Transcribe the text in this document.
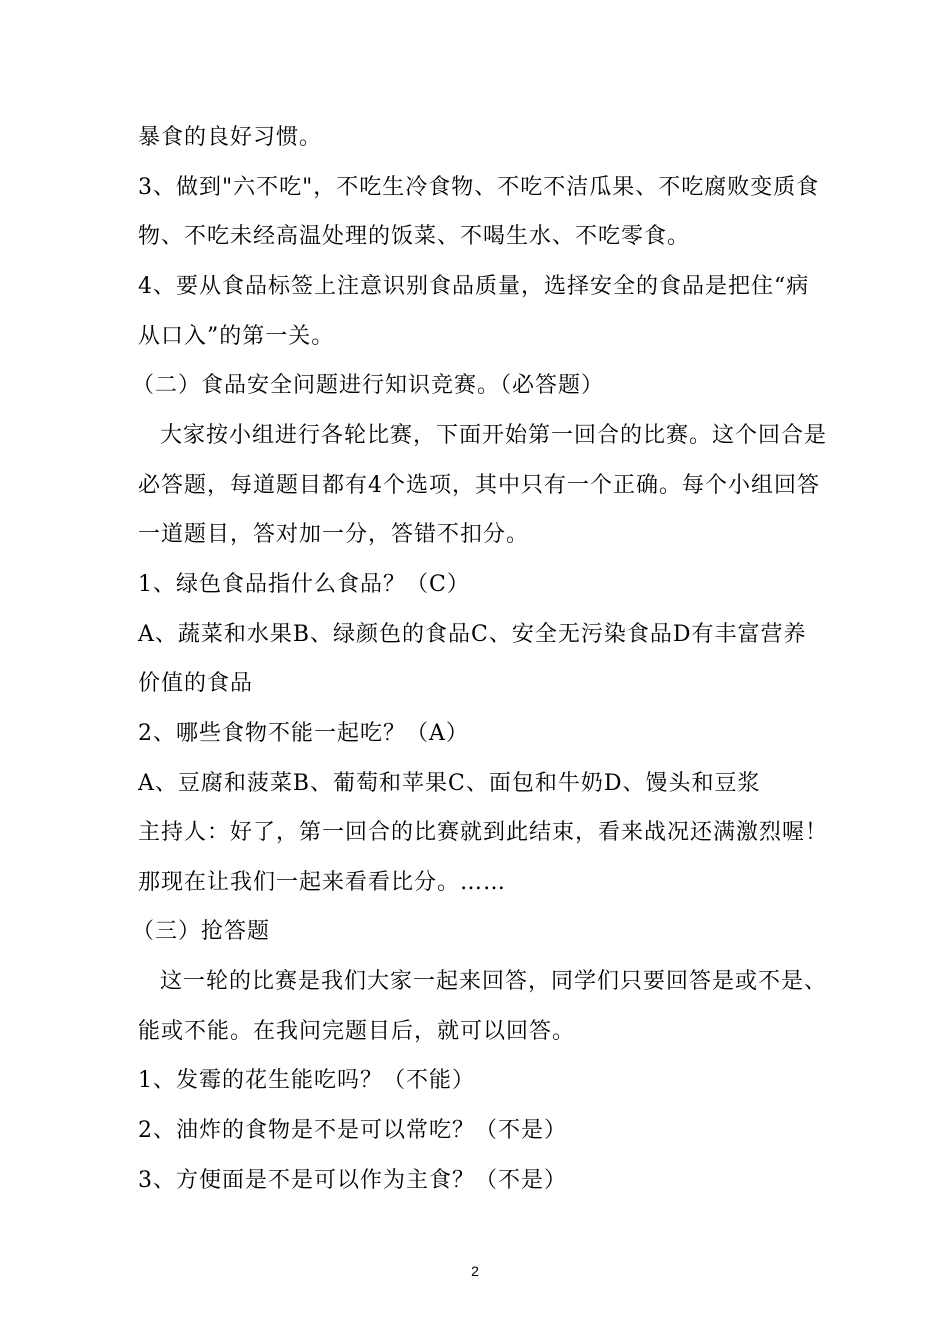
暴食的良好习惯。
3、做到"六不吃"，不吃生冷食物、不吃不洁瓜果、不吃腐败变质食
物、不吃未经高温处理的饭菜、不喝生水、不吃零食。
4、要从食品标签上注意识别食品质量，选择安全的食品是把住“病
从口入”的第一关。
（二）食品安全问题进行知识竞赛。（必答题）
大家按小组进行各轮比赛，下面开始第一回合的比赛。这个回合是
必答题，每道题目都有4个选项，其中只有一个正确。每个小组回答
一道题目，答对加一分，答错不扣分。
1、绿色食品指什么食品？（C）
A、蔬菜和水果B、绿颜色的食品C、安全无污染食品D有丰富营养
价值的食品
2、哪些食物不能一起吃？（A）
A、豆腐和菠菜B、葡萄和苹果C、面包和牛奶D、馒头和豆浆
主持人：好了，第一回合的比赛就到此结束，看来战况还满激烈喔！
那现在让我们一起来看看比分。……
（三）抢答题
这一轮的比赛是我们大家一起来回答，同学们只要回答是或不是、
能或不能。在我问完题目后，就可以回答。
1、发霉的花生能吃吗？（不能）
2、油炸的食物是不是可以常吃？（不是）
3、方便面是不是可以作为主食？（不是）
2
